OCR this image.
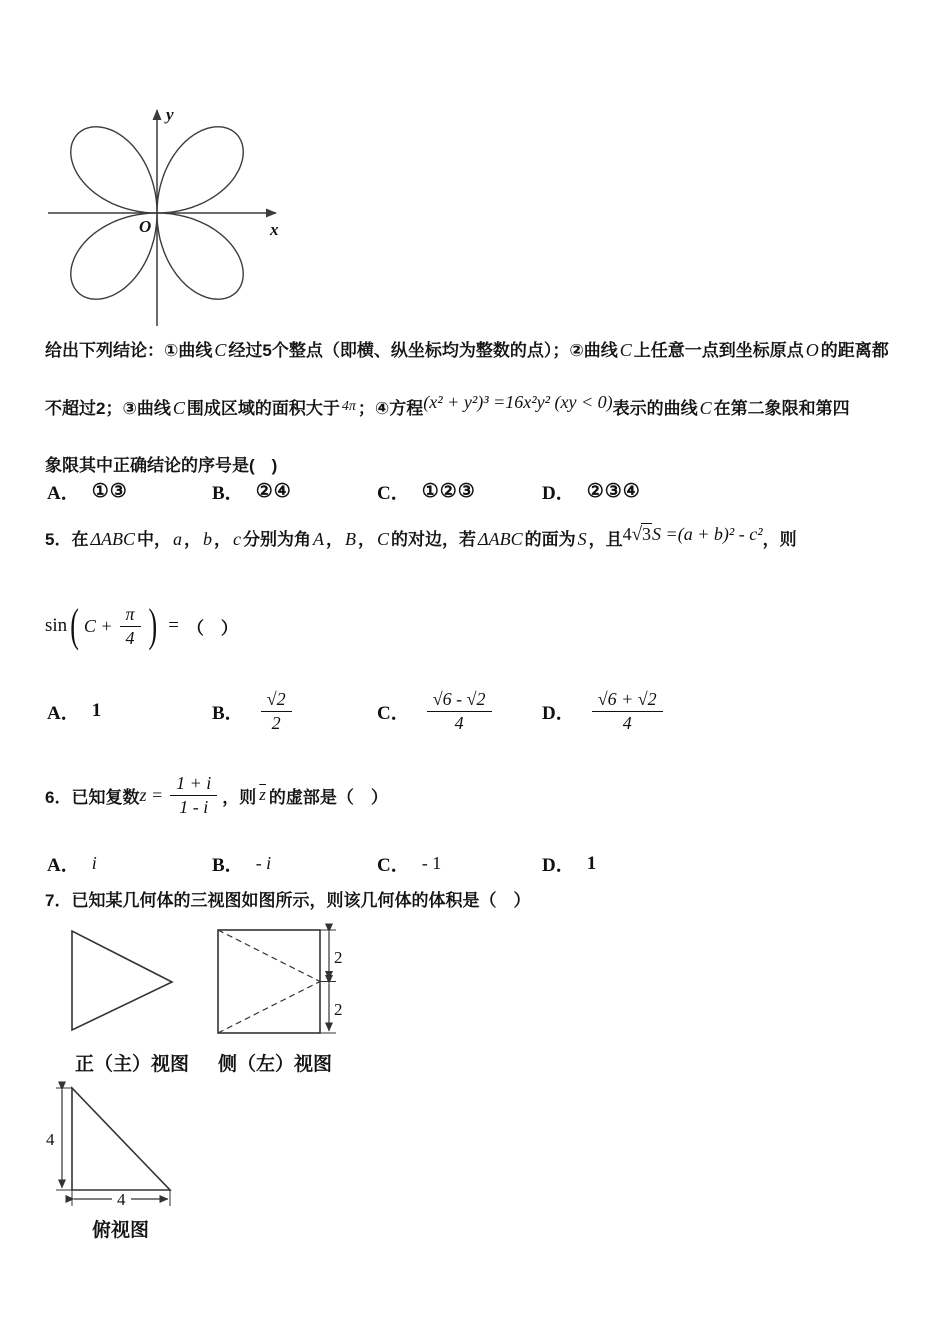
y
x
O
给出下列结论：①曲线 C 经过5个整点（即横、纵坐标均为整数的点）；②曲线 C 上任意一点到坐标原点 O 的距离都
不超过2；③曲线 C 围成区域的面积大于 4π ；④方程(x² + y²)³ =16x²y² (xy < 0)表示的曲线 C 在第二象限和第四
象限其中正确结论的序号是(　)
A． ①③	B． ②④	C． ①②③	D． ②③④
5．在 ΔABC 中， a ， b ， c 分别为角 A ， B ， C 的对边，若 ΔABC 的面为 S ，且4√3S =(a + b)² - c²，则
sin ( $C + \frac{\pi}{4}$ ) = （　）
A． 1	B． $\frac{√2}{2}$	C． $\frac{√6 - √2}{4}$	D． $\frac{√6 + √2}{4}$
6．已知复数 $z = \frac{1 + i}{1 - i}$ ，则 $\overline{z}$ 的虚部是（　）
A． i	B． - i	C． - 1	D． 1
7．已知某几何体的三视图如图所示，则该几何体的体积是（　）
正（主）视图
2
2
侧（左）视图
4
4
俯视图
